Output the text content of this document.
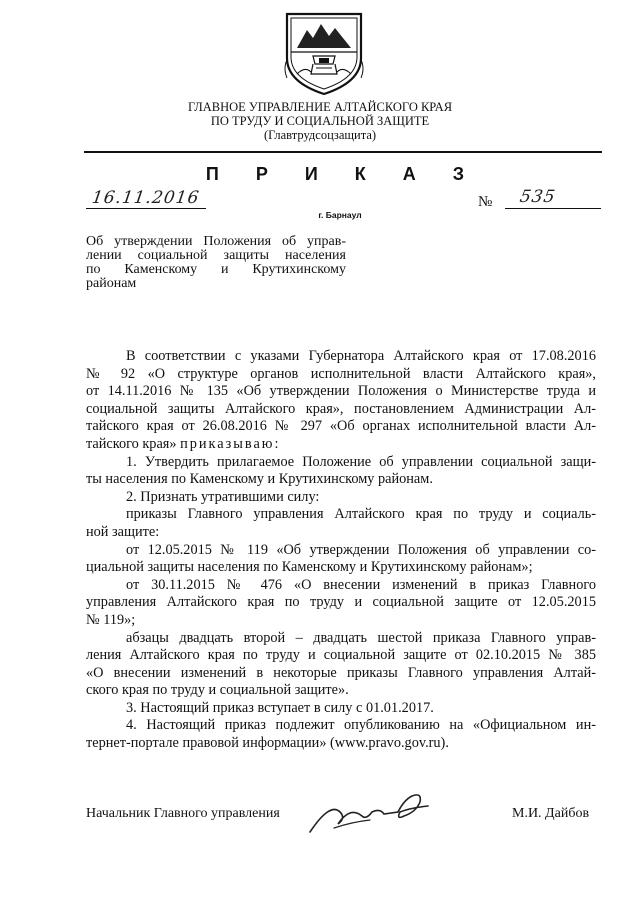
ГЛАВНОЕ УПРАВЛЕНИЕ АЛТАЙСКОГО КРАЯ
ПО ТРУДУ И СОЦИАЛЬНОЙ ЗАЩИТЕ
(Главтрудсоцзащита)
П Р И К А З
16.11.2016	№ 535
г. Барнаул
Об утверждении Положения об управ-
лении социальной защиты населения
по Каменскому и Крутихинскому
районам
В соответствии с указами Губернатора Алтайского края от 17.08.2016
№ 92 «О структуре органов исполнительной власти Алтайского края»,
от 14.11.2016 № 135 «Об утверждении Положения о Министерстве труда и
социальной защиты Алтайского края», постановлением Администрации Ал-
тайского края от 26.08.2016 № 297 «Об органах исполнительной власти Ал-
тайского края» приказываю:
1. Утвердить прилагаемое Положение об управлении социальной защи-
ты населения по Каменскому и Крутихинскому районам.
2. Признать утратившими силу:
приказы Главного управления Алтайского края по труду и социаль-
ной защите:
от 12.05.2015 № 119 «Об утверждении Положения об управлении со-
циальной защиты населения по Каменскому и Крутихинскому районам»;
от 30.11.2015 № 476 «О внесении изменений в приказ Главного
управления Алтайского края по труду и социальной защите от 12.05.2015
№ 119»;
абзацы двадцать второй – двадцать шестой приказа Главного управ-
ления Алтайского края по труду и социальной защите от 02.10.2015 № 385
«О внесении изменений в некоторые приказы Главного управления Алтай-
ского края по труду и социальной защите».
3. Настоящий приказ вступает в силу с 01.01.2017.
4. Настоящий приказ подлежит опубликованию на «Официальном ин-
тернет-портале правовой информации» (www.pravo.gov.ru).
Начальник Главного управления	М.И. Дайбов
